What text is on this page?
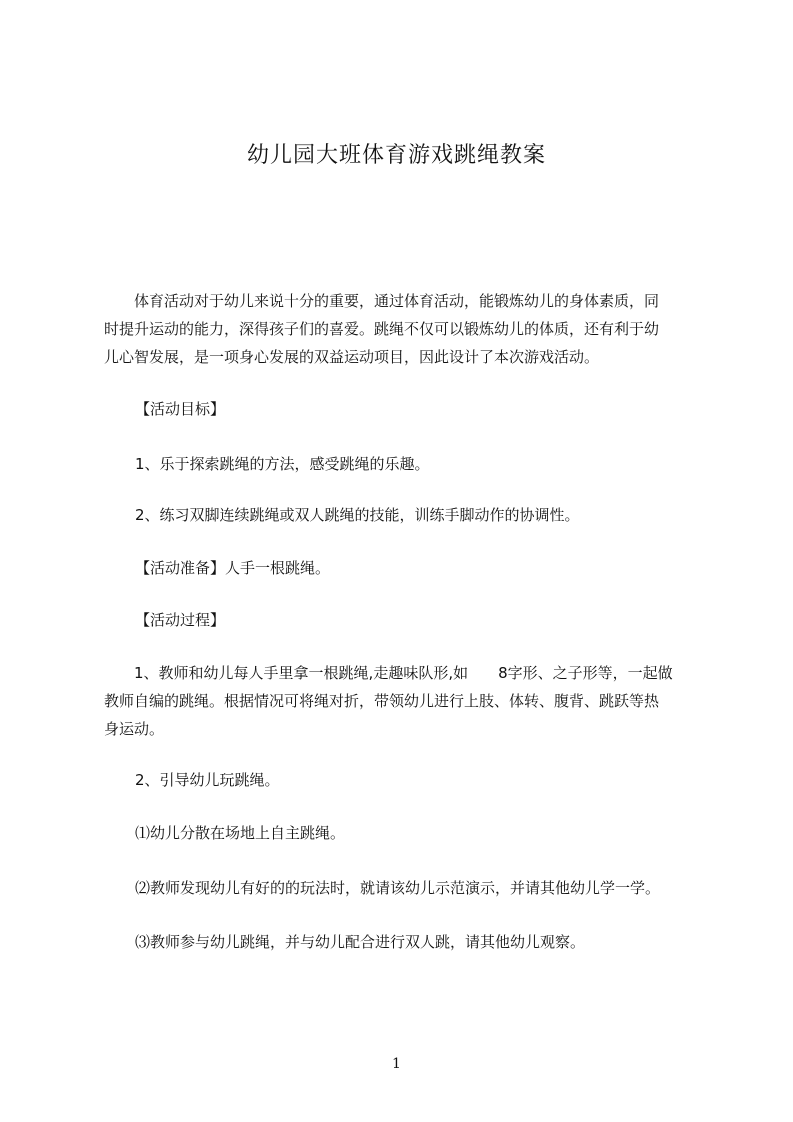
幼儿园大班体育游戏跳绳教案
　　体育活动对于幼儿来说十分的重要，通过体育活动，能锻炼幼儿的身体素质，同
时提升运动的能力，深得孩子们的喜爱。跳绳不仅可以锻炼幼儿的体质，还有利于幼
儿心智发展，是一项身心发展的双益运动项目，因此设计了本次游戏活动。
【活动目标】
1、乐于探索跳绳的方法，感受跳绳的乐趣。
2、练习双脚连续跳绳或双人跳绳的技能，训练手脚动作的协调性。
【活动准备】人手一根跳绳。
【活动过程】
　　1、教师和幼儿每人手里拿一根跳绳,走趣味队形,如　　8字形、之子形等，一起做
教师自编的跳绳。根据情况可将绳对折，带领幼儿进行上肢、体转、腹背、跳跃等热
身运动。
2、引导幼儿玩跳绳。
⑴幼儿分散在场地上自主跳绳。
⑵教师发现幼儿有好的的玩法时，就请该幼儿示范演示，并请其他幼儿学一学。
⑶教师参与幼儿跳绳，并与幼儿配合进行双人跳，请其他幼儿观察。
1
